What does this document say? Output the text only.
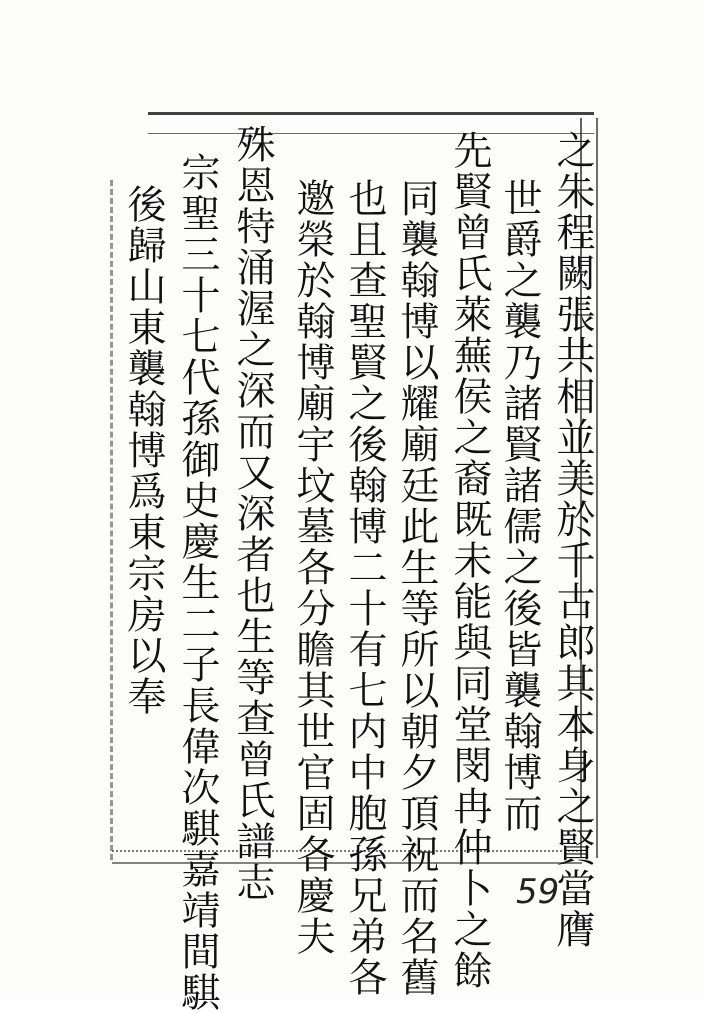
之朱程闕張共相並美於千古郎其本身之賢當膺
世爵之襲乃諸賢諸儒之後皆襲翰博而
先賢曾氏萊蕪侯之裔既未能與同堂閔冉仲卜之餘
同襲翰博以耀廟廷此生等所以朝夕頂祝而名舊
也且查聖賢之後翰博二十有七内中胞孫兄弟各
邀榮於翰博廟宇坟墓各分瞻其世官固各慶夫
殊恩特涌渥之深而又深者也生等查曾氏譜志
宗聖三十七代孫御史慶生二子長偉次騏嘉靖間騏
後歸山東襲翰博爲東宗房以奉
59
